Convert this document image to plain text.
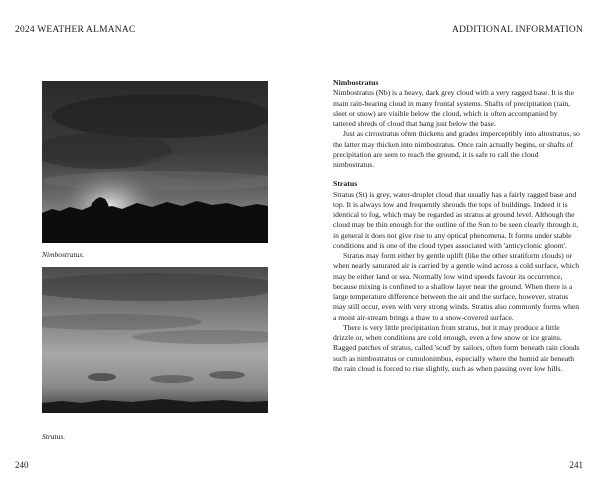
2024 WEATHER ALMANAC
Nimbostratus.
Stratus.
240
ADDITIONAL INFORMATION
Nimbostratus

Nimbostratus (Nb) is a heavy, dark grey cloud with a very ragged base. It is the main rain-bearing cloud in many frontal systems. Shafts of precipitation (rain, sleet or snow) are visible below the cloud, which is often accompanied by tattered shreds of cloud that hang just below the base.

Just as cirrostratus often thickens and grades imperceptibly into altostratus, so the latter may thicken into nimbostratus. Once rain actually begins, or shafts of precipitation are seen to reach the ground, it is safe to call the cloud nimbostratus.

Stratus

Stratus (St) is grey, water-droplet cloud that usually has a fairly ragged base and top. It is always low and frequently shrouds the tops of buildings. Indeed it is identical to fog, which may be regarded as stratus at ground level. Although the cloud may be thin enough for the outline of the Sun to be seen clearly through it, in general it does not give rise to any optical phenomena. It forms under stable conditions and is one of the cloud types associated with 'anticyclonic gloom'.

Stratus may form either by gentle uplift (like the other stratiform clouds) or when nearly saturated air is carried by a gentle wind across a cold surface, which may be either land or sea. Normally low wind speeds favour its occurrence, because mixing is confined to a shallow layer near the ground. When there is a large temperature difference between the air and the surface, however, stratus may still occur, even with very strong winds. Stratus also commonly forms when a moist air-stream brings a thaw to a snow-covered surface.

There is very little precipitation from stratus, but it may produce a little drizzle or, when conditions are cold enough, even a few snow or ice grains. Ragged patches of stratus, called 'scud' by sailors, often form beneath rain clouds such as nimbostratus or cumulonimbus, especially where the humid air beneath the rain cloud is forced to rise slightly, such as when passing over low hills.

241
